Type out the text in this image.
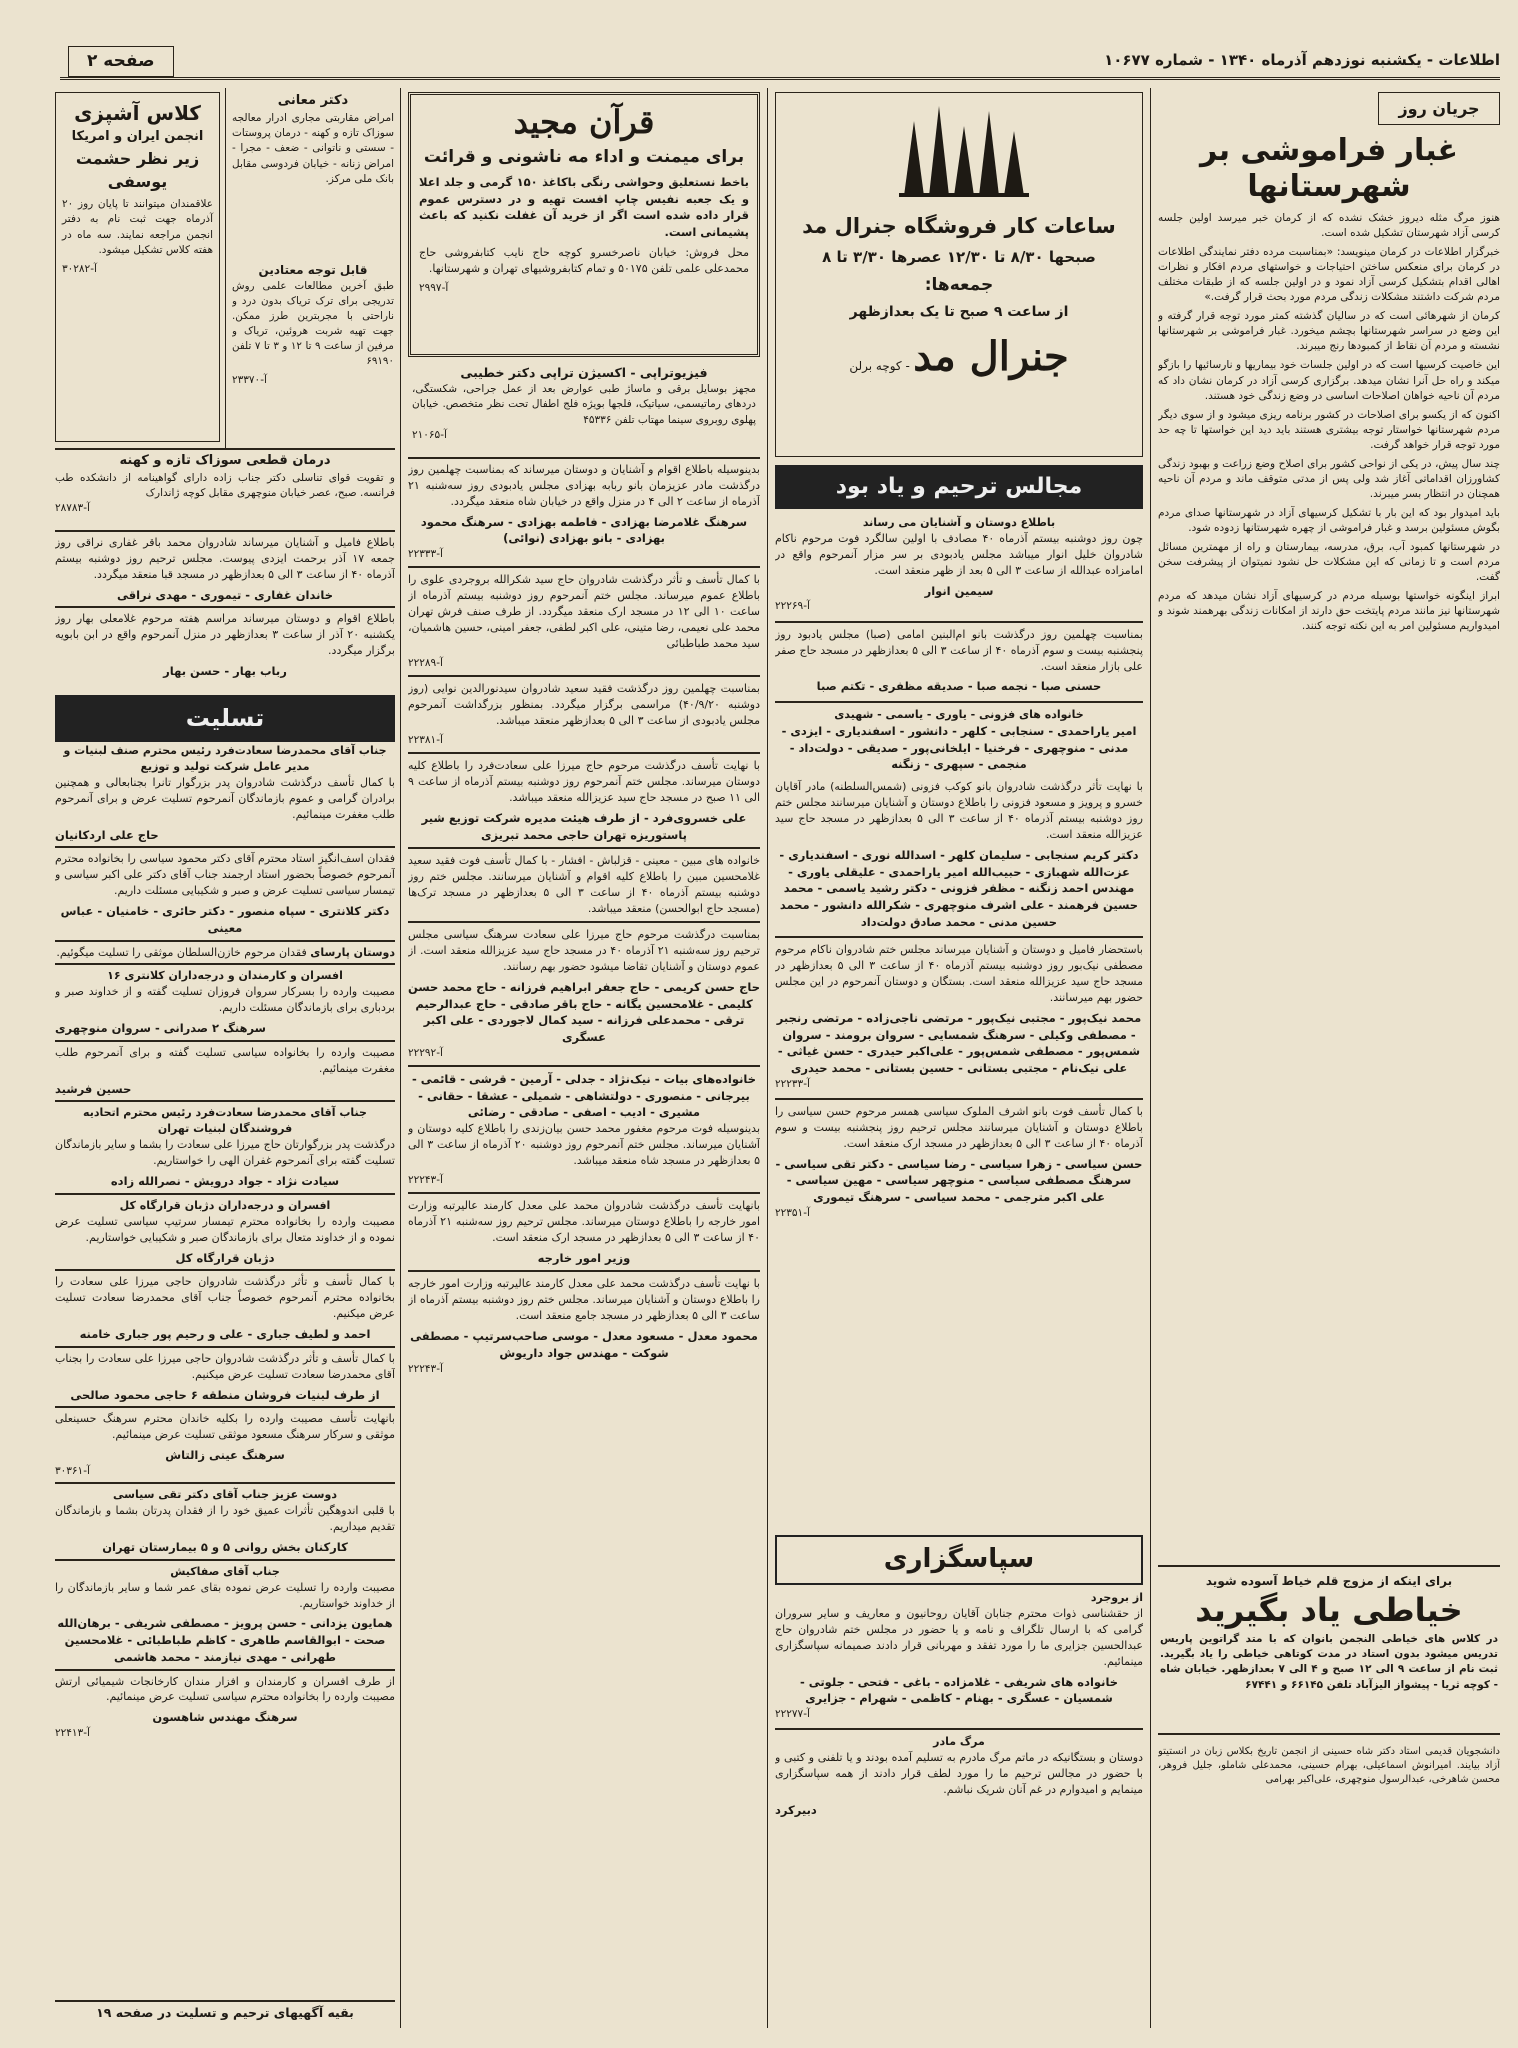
اطلاعات - یکشنبه نوزدهم آذرماه ۱۳۴۰ - شماره ۱۰۶۷۷
صفحه ۲
جریان روز
غبار فراموشی بر شهرستانها

هنوز مرگ مثله دیروز خشک نشده که از کرمان خبر میرسد اولین جلسه کرسی آزاد شهرستان تشکیل شده است.

خبرگزار اطلاعات در کرمان مینویسد: «بمناسبت مرده دفتر نمایندگی اطلاعات در کرمان برای منعکس ساختن احتیاجات و خواستهای مردم افکار و نظرات اهالی اقدام بتشکیل کرسی آزاد نمود و در اولین جلسه که از طبقات مختلف مردم شرکت داشتند مشکلات زندگی مردم مورد بحث قرار گرفت.»

کرمان از شهرهائی است که در سالیان گذشته کمتر مورد توجه قرار گرفته و این وضع در سراسر شهرستانها بچشم میخورد. غبار فراموشی بر شهرستانها نشسته و مردم آن نقاط از کمبودها رنج میبرند.

این خاصیت کرسیها است که در اولین جلسات خود بیماریها و نارسائیها را بازگو میکند و راه حل آنرا نشان میدهد. برگزاری کرسی آزاد در کرمان نشان داد که مردم آن ناحیه خواهان اصلاحات اساسی در وضع زندگی خود هستند.

اکنون که از یکسو برای اصلاحات در کشور برنامه ریزی میشود و از سوی دیگر مردم شهرستانها خواستار توجه بیشتری هستند باید دید این خواستها تا چه حد مورد توجه قرار خواهد گرفت.

چند سال پیش، در یکی از نواحی کشور برای اصلاح وضع زراعت و بهبود زندگی کشاورزان اقداماتی آغاز شد ولی پس از مدتی متوقف ماند و مردم آن ناحیه همچنان در انتظار بسر میبرند.

باید امیدوار بود که این بار با تشکیل کرسیهای آزاد در شهرستانها صدای مردم بگوش مسئولین برسد و غبار فراموشی از چهره شهرستانها زدوده شود.

در شهرستانها کمبود آب، برق، مدرسه، بیمارستان و راه از مهمترین مسائل مردم است و تا زمانی که این مشکلات حل نشود نمیتوان از پیشرفت سخن گفت.

ابراز اینگونه خواستها بوسیله مردم در کرسیهای آزاد نشان میدهد که مردم شهرستانها نیز مانند مردم پایتخت حق دارند از امکانات زندگی بهرهمند شوند و امیدواریم مسئولین امر به این نکته توجه کنند.

برای اینکه از مزوج قلم خیاط آسوده شوید
خیاطی یاد بگیرید
در کلاس های خیاطی النجمن بانوان که با متد گراتوین پاریس تدریس میشود بدون استاد در مدت کوتاهی خیاطی را یاد بگیرید. ثبت نام از ساعت ۹ الی ۱۲ صبح و ۴ الی ۷ بعدازظهر. خیابان شاه - کوچه ثریا - پیشواز الیزآباد تلفن ۶۶۱۴۵ و ۶۷۴۴۱
دانشجویان قدیمی استاد دکتر شاه حسینی از انجمن تاریخ بکلاس زبان در انستیتو آزاد بیایند. امیرانوش اسماعیلی، بهرام حسینی، محمدعلی شاملو، جلیل فروهر، محسن شاهرخی، عبدالرسول منوچهری، علی‌اکبر بهرامی
ساعات کار فروشگاه جنرال مد
صبحها ۸/۳۰ تا ۱۲/۳۰ عصرها ۳/۳۰ تا ۸
جمعه‌ها:
از ساعت ۹ صبح تا یک بعدازظهر
جنرال مد - کوچه برلن
مجالس ترحیم و یاد بود
باطلاع دوستان و آشنایان می رساند

چون روز دوشنبه بیستم آذرماه ۴۰ مصادف با اولین سالگرد فوت مرحوم ناکام شادروان خلیل انوار میباشد مجلس یادبودی بر سر مزار آنمرحوم واقع در امامزاده عبدالله از ساعت ۳ الی ۵ بعد از ظهر منعقد است.

سیمین انوار
آ-۲۲۲۶۹

بمناسبت چهلمین روز درگذشت بانو ام‌البنین امامی (صبا) مجلس یادبود روز پنجشنبه بیست و سوم آذرماه ۴۰ از ساعت ۳ الی ۵ بعدازظهر در مسجد حاج صفر علی بازار منعقد است.

حسنی صبا - نجمه صبا - صدیقه مظفری - تکتم صبا
خانواده های فزونی - یاوری - یاسمی - شهیدی
امیر یاراحمدی - سنجابی - کلهر - دانشور - اسفندیاری - ایزدی - مدنی - منوچهری - فرخنیا - ایلخانی‌پور - صدیقی - دولت‌داد - منجمی - سپهری - زنگنه

با نهایت تأثر درگذشت شادروان بانو کوکب فزونی (شمس‌السلطنه) مادر آقایان خسرو و پرویز و مسعود فزونی را باطلاع دوستان و آشنایان میرسانند مجلس ختم روز دوشنبه بیستم آذرماه ۴۰ از ساعت ۳ الی ۵ بعدازظهر در مسجد حاج سید عزیزالله منعقد است.

دکتر کریم سنجابی - سلیمان کلهر - اسدالله نوری - اسفندیاری - عزت‌الله شهبازی - حبیب‌الله امیر یاراحمدی - علیقلی یاوری - مهندس احمد زنگنه - مظفر فزونی - دکتر رشید یاسمی - محمد حسین فرهمند - علی اشرف منوچهری - شکرالله دانشور - محمد حسین مدنی - محمد صادق دولت‌داد

باستحضار فامیل و دوستان و آشنایان میرساند مجلس ختم شادروان ناکام مرحوم مصطفی نیک‌بور روز دوشنبه بیستم آذرماه ۴۰ از ساعت ۳ الی ۵ بعدازظهر در مسجد حاج سید عزیزالله منعقد است. بستگان و دوستان آنمرحوم در این مجلس حضور بهم میرسانند.

محمد نیک‌پور - مجتبی نیک‌پور - مرتضی ناجی‌زاده - مرتضی رنجبر - مصطفی وکیلی - سرهنگ شمسایی - سروان برومند - سروان شمس‌پور - مصطفی شمس‌پور - علی‌اکبر حیدری - حسن غیاثی - علی نیک‌نام - مجتبی بستانی - حسین بستانی - محمد حیدری
آ-۲۲۲۳۳

با کمال تأسف فوت بانو اشرف الملوک سیاسی همسر مرحوم حسن سیاسی را باطلاع دوستان و آشنایان میرسانند مجلس ترحیم روز پنجشنبه بیست و سوم آذرماه ۴۰ از ساعت ۳ الی ۵ بعدازظهر در مسجد ارک منعقد است.

حسن سیاسی - زهرا سیاسی - رضا سیاسی - دکتر تقی سیاسی - سرهنگ مصطفی سیاسی - منوچهر سیاسی - مهین سیاسی - علی اکبر مترجمی - محمد سیاسی - سرهنگ تیموری
آ-۲۲۳۵۱
سپاسگزاری
از بروجرد

از حقشناسی ذوات محترم جنابان آقایان روحانیون و معاریف و سایر سروران گرامی که با ارسال تلگراف و نامه و یا حضور در مجلس ختم شادروان حاج عبدالحسین جزایری ما را مورد تفقد و مهربانی قرار دادند صمیمانه سپاسگزاری مینمائیم.

خانواده های شریفی - غلامزاده - باغی - فتحی - جلوتی - شمسیان - عسگری - بهنام - کاظمی - شهرام - جزایری
آ-۲۲۲۷۷
مرگ مادر

دوستان و بستگانیکه در ماتم مرگ مادرم به تسلیم آمده بودند و یا تلفنی و کتبی و با حضور در مجالس ترحیم ما را مورد لطف قرار دادند از همه سپاسگزاری مینمایم و امیدوارم در غم آنان شریک نباشم.

دبیرکرد
قرآن مجید
برای میمنت و اداء مه ناشونی و قرائت

باخط نستعلیق وحواشی رنگی باکاغذ ۱۵۰ گرمی و جلد اعلا و یک جعبه نفیس چاپ افست تهیه و در دسترس عموم قرار داده شده است اگر از خرید آن غفلت نکنید که باعث پشیمانی است.

محل فروش: خیابان ناصرخسرو کوچه حاج نایب کتابفروشی حاج محمدعلی علمی تلفن ۵۰۱۷۵ و تمام کتابفروشیهای تهران و شهرستانها.

آ-۲۹۹۷
فیزیوتراپی - اکسیژن تراپی دکتر خطیبی

مجهز بوسایل برقی و ماساژ طبی عوارض بعد از عمل جراحی، شکستگی، دردهای رماتیسمی، سیاتیک، فلجها بویژه فلج اطفال تحت نظر متخصص. خیابان پهلوی روبروی سینما مهتاب تلفن ۴۵۳۳۶

آ-۲۱۰۶۵

بدینوسیله باطلاع اقوام و آشنایان و دوستان میرساند که بمناسبت چهلمین روز درگذشت مادر عزیزمان بانو ربابه بهزادی مجلس یادبودی روز سه‌شنبه ۲۱ آذرماه از ساعت ۲ الی ۴ در منزل واقع در خیابان شاه منعقد میگردد.

سرهنگ غلامرضا بهزادی - فاطمه بهزادی - سرهنگ محمود بهزادی - بانو بهزادی (نوائی)
آ-۲۲۳۳۳

با کمال تأسف و تأثر درگذشت شادروان حاج سید شکرالله بروجردی علوی را باطلاع عموم میرساند. مجلس ختم آنمرحوم روز دوشنبه بیستم آذرماه از ساعت ۱۰ الی ۱۲ در مسجد ارک منعقد میگردد. از طرف صنف فرش تهران محمد علی نعیمی، رضا متینی، علی اکبر لطفی، جعفر امینی، حسین هاشمیان، سید محمد طباطبائی

آ-۲۲۲۸۹

بمناسبت چهلمین روز درگذشت فقید سعید شادروان سیدنورالدین نوایی (روز دوشنبه ۴۰/۹/۲۰) مراسمی برگزار میگردد. بمنظور بزرگداشت آنمرحوم مجلس یادبودی از ساعت ۳ الی ۵ بعدازظهر منعقد میباشد.

آ-۲۲۳۸۱

با نهایت تأسف درگذشت مرحوم حاج میرزا علی سعادت‌فرد را باطلاع کلیه دوستان میرساند. مجلس ختم آنمرحوم روز دوشنبه بیستم آذرماه از ساعت ۹ الی ۱۱ صبح در مسجد حاج سید عزیزالله منعقد میباشد.

علی خسروی‌فرد - از طرف هیئت مدیره شرکت توزیع شیر پاستوریزه تهران حاجی محمد تبریزی

خانواده های مبین - معینی - قزلباش - افشار - با کمال تأسف فوت فقید سعید غلامحسین مبین را باطلاع کلیه اقوام و آشنایان میرسانند. مجلس ختم روز دوشنبه بیستم آذرماه ۴۰ از ساعت ۳ الی ۵ بعدازظهر در مسجد ترک‌ها (مسجد حاج ابوالحسن) منعقد میباشد.

بمناسبت درگذشت مرحوم حاج میرزا علی سعادت سرهنگ سیاسی مجلس ترحیم روز سه‌شنبه ۲۱ آذرماه ۴۰ در مسجد حاج سید عزیزالله منعقد است. از عموم دوستان و آشنایان تقاضا میشود حضور بهم رسانند.

حاج حسن کریمی - حاج جعفر ابراهیم فرزانه - حاج محمد حسن کلیمی - غلامحسین یگانه - حاج باقر صادقی - حاج عبدالرحیم ترقی - محمدعلی فرزانه - سید کمال لاجوردی - علی اکبر عسگری
آ-۲۲۲۹۲
خانواده‌های بیات - نیک‌نژاد - جدلی - آرمین - قرشی - قائمی - بیرجانی - منصوری - دولتشاهی - شمیلی - عشقا - حقانی - مشیری - ادیب - اصفی - صادقی - رضائی

بدینوسیله فوت مرحوم مغفور محمد حسن بیان‌زندی را باطلاع کلیه دوستان و آشنایان میرساند. مجلس ختم آنمرحوم روز دوشنبه ۲۰ آذرماه از ساعت ۳ الی ۵ بعدازظهر در مسجد شاه منعقد میباشد.

آ-۲۲۲۴۳

بانهایت تأسف درگذشت شادروان محمد علی معدل کارمند عالیرتبه وزارت امور خارجه را باطلاع دوستان میرساند. مجلس ترحیم روز سه‌شنبه ۲۱ آذرماه ۴۰ از ساعت ۳ الی ۵ بعدازظهر در مسجد ارک منعقد است.

وزیر امور خارجه

با نهایت تأسف درگذشت محمد علی معدل کارمند عالیرتبه وزارت امور خارجه را باطلاع دوستان و آشنایان میرساند. مجلس ختم روز دوشنبه بیستم آذرماه از ساعت ۳ الی ۵ بعدازظهر در مسجد جامع منعقد است.

محمود معدل - مسعود معدل - موسی صاحب‌سرتیپ - مصطفی شوکت - مهندس جواد داریوش
آ-۲۲۲۴۳
دکتر معانی

امراض مقاربتی مجاری ادرار معالجه سوزاک تازه و کهنه - درمان پروستات - سستی و ناتوانی - ضعف - مجرا - امراض زنانه - خیابان فردوسی مقابل بانک ملی مرکز.

قابل توجه معتادین

طبق آخرین مطالعات علمی روش تدریجی برای ترک تریاک بدون درد و ناراحتی با مجربترین طرز ممکن. جهت تهیه شربت هروئین، تریاک و مرفین از ساعت ۹ تا ۱۲ و ۳ تا ۷ تلفن ۶۹۱۹۰

آ-۲۳۳۷۰
کلاس آشپزی
انجمن ایران و امریکا
زیر نظر حشمت یوسفی

علاقمندان میتوانند تا پایان روز ۲۰ آذرماه جهت ثبت نام به دفتر انجمن مراجعه نمایند. سه ماه در هفته کلاس تشکیل میشود.

آ-۳۰۲۸۲
درمان قطعی سوزاک تازه و کهنه

و تقویت قوای تناسلی دکتر جناب زاده دارای گواهینامه از دانشکده طب فرانسه. صبح، عصر خیابان منوچهری مقابل کوچه ژاندارک

آ-۲۸۷۸۳

باطلاع فامیل و آشنایان میرساند شادروان محمد باقر غفاری نراقی روز جمعه ۱۷ آذر برحمت ایزدی پیوست. مجلس ترحیم روز دوشنبه بیستم آذرماه ۴۰ از ساعت ۳ الی ۵ بعدازظهر در مسجد قبا منعقد میگردد.

خاندان غفاری - تیموری - مهدی نراقی

باطلاع اقوام و دوستان میرساند مراسم هفته مرحوم غلامعلی بهار روز یکشنبه ۲۰ آذر از ساعت ۳ بعدازظهر در منزل آنمرحوم واقع در ابن بابویه برگزار میگردد.

رباب بهار - حسن بهار
تسلیت
جناب آقای محمدرضا سعادت‌فرد رئیس محترم صنف لبنیات و مدیر عامل شرکت تولید و توزیع

با کمال تأسف درگذشت شادروان پدر بزرگوار تانرا بجنابعالی و همچنین برادران گرامی و عموم بازماندگان آنمرحوم تسلیت عرض و برای آنمرحوم طلب مغفرت مینمائیم.

حاج علی اردکانیان

فقدان اسف‌انگیز استاد محترم آقای دکتر محمود سیاسی را بخانواده محترم آنمرحوم خصوصاً بحضور استاد ارجمند جناب آقای دکتر علی اکبر سیاسی و تیمسار سیاسی تسلیت عرض و صبر و شکیبایی مسئلت داریم.

دکتر کلانتری - سپاه منصور - دکتر حائری - خامنیان - عباس معینی
دوستان پارسای فقدان مرحوم خازن‌السلطان موثقی را تسلیت میگوئیم.
افسران و کارمندان و درجه‌داران کلانتری ۱۶

مصیبت وارده را بسرکار سروان فروزان تسلیت گفته و از خداوند صبر و بردباری برای بازماندگان مسئلت داریم.

سرهنگ ۲ صدرانی - سروان منوچهری

مصیبت وارده را بخانواده سیاسی تسلیت گفته و برای آنمرحوم طلب مغفرت مینمائیم.

حسین فرشید
جناب آقای محمدرضا سعادت‌فرد رئیس محترم اتحادیه فروشندگان لبنیات تهران

درگذشت پدر بزرگوارتان حاج میرزا علی سعادت را بشما و سایر بازماندگان تسلیت گفته برای آنمرحوم غفران الهی را خواستاریم.

سیادت نژاد - جواد درویش - نصرالله زاده
افسران و درجه‌داران دژبان قرارگاه کل

مصیبت وارده را بخانواده محترم تیمسار سرتیپ سیاسی تسلیت عرض نموده و از خداوند متعال برای بازماندگان صبر و شکیبایی خواستاریم.

دژبان قرارگاه کل

با کمال تأسف و تأثر درگذشت شادروان حاجی میرزا علی سعادت را بخانواده محترم آنمرحوم خصوصاً جناب آقای محمدرضا سعادت تسلیت عرض میکنیم.

احمد و لطیف جباری - علی و رحیم پور جباری خامنه

با کمال تأسف و تأثر درگذشت شادروان حاجی میرزا علی سعادت را بجناب آقای محمدرضا سعادت تسلیت عرض میکنیم.

از طرف لبنیات فروشان منطقه ۶ حاجی محمود صالحی

بانهایت تأسف مصیبت وارده را بکلیه خاندان محترم سرهنگ حسینعلی موثقی و سرکار سرهنگ مسعود موثقی تسلیت عرض مینمائیم.

سرهنگ عینی زالتاش
آ-۳۰۳۶۱
دوست عزیز جناب آقای دکتر تقی سیاسی

با قلبی اندوهگین تأثرات عمیق خود را از فقدان پدرتان بشما و بازماندگان تقدیم میداریم.

کارکنان بخش روانی ۵ و ۵ بیمارستان تهران
جناب آقای صفاکیش

مصیبت وارده را تسلیت عرض نموده بقای عمر شما و سایر بازماندگان را از خداوند خواستاریم.

همایون یزدانی - حسن پرویز - مصطفی شریفی - برهان‌الله صحت - ابوالقاسم طاهری - کاظم طباطبائی - غلامحسین طهرانی - مهدی نیازمند - محمد هاشمی

از طرف افسران و کارمندان و افزار مندان کارخانجات شیمیائی ارتش مصیبت وارده را بخانواده محترم سیاسی تسلیت عرض مینمائیم.

سرهنگ مهندس شاهسون
آ-۲۲۴۱۳
بقیه آگهیهای ترحیم و تسلیت در صفحه ۱۹
